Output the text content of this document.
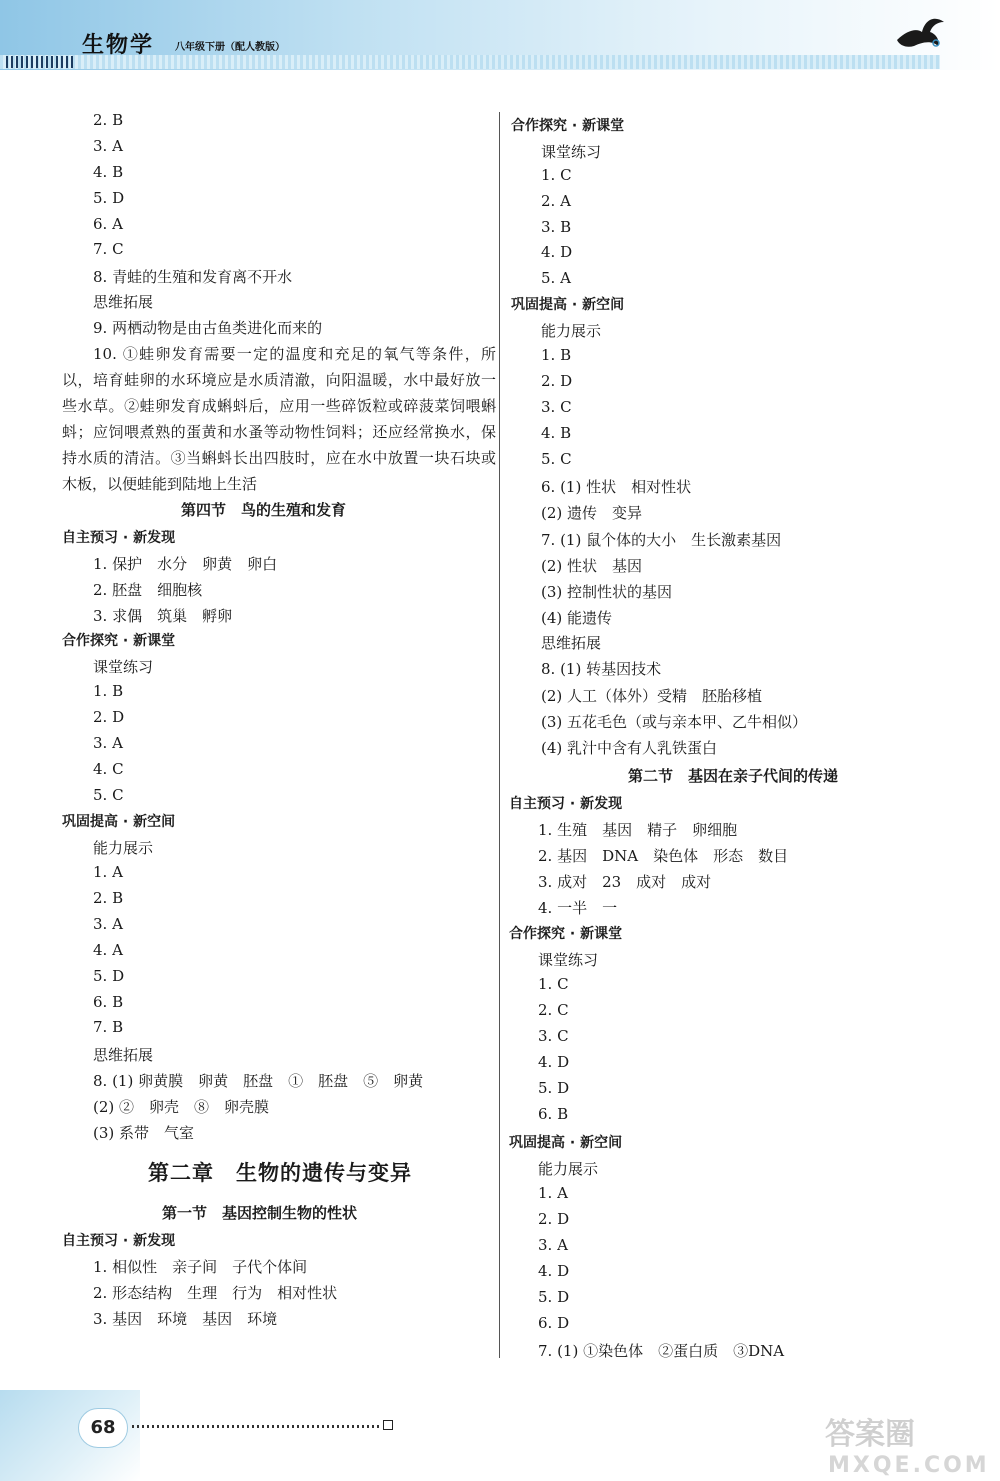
生物学 八年级下册（配人教版）
2. B
3. A
4. B
5. D
6. A
7. C
8. 青蛙的生殖和发育离不开水
思维拓展
9. 两栖动物是由古鱼类进化而来的
10. ①蛙卵发育需要一定的温度和充足的氧气等条件，所以，培育蛙卵的水环境应是水质清澈，向阳温暖，水中最好放一些水草。②蛙卵发育成蝌蚪后，应用一些碎饭粒或碎菠菜饲喂蝌蚪；应饲喂煮熟的蛋黄和水蚤等动物性饲料；还应经常换水，保持水质的清洁。③当蝌蚪长出四肢时，应在水中放置一块石块或木板，以便蛙能到陆地上生活
第四节　鸟的生殖和发育
自主预习 · 新发现
1. 保护　水分　卵黄　卵白
2. 胚盘　细胞核
3. 求偶　筑巢　孵卵
合作探究 · 新课堂
课堂练习
1. B
2. D
3. A
4. C
5. C
巩固提高 · 新空间
能力展示
1. A
2. B
3. A
4. A
5. D
6. B
7. B
思维拓展
8. (1) 卵黄膜　卵黄　胚盘　①　胚盘　⑤　卵黄
(2) ②　卵壳　⑧　卵壳膜
(3) 系带　气室
第二章　生物的遗传与变异
第一节　基因控制生物的性状
自主预习 · 新发现
1. 相似性　亲子间　子代个体间
2. 形态结构　生理　行为　相对性状
3. 基因　环境　基因　环境
合作探究 · 新课堂
课堂练习
1. C
2. A
3. B
4. D
5. A
巩固提高 · 新空间
能力展示
1. B
2. D
3. C
4. B
5. C
6. (1) 性状　相对性状
(2) 遗传　变异
7. (1) 鼠个体的大小　生长激素基因
(2) 性状　基因
(3) 控制性状的基因
(4) 能遗传
思维拓展
8. (1) 转基因技术
(2) 人工（体外）受精　胚胎移植
(3) 五花毛色（或与亲本甲、乙牛相似）
(4) 乳汁中含有人乳铁蛋白
第二节　基因在亲子代间的传递
自主预习 · 新发现
1. 生殖　基因　精子　卵细胞
2. 基因　DNA　染色体　形态　数目
3. 成对　23　成对　成对
4. 一半　一
合作探究 · 新课堂
课堂练习
1. C
2. C
3. C
4. D
5. D
6. B
巩固提高 · 新空间
能力展示
1. A
2. D
3. A
4. D
5. D
6. D
7. (1) ①染色体　②蛋白质　③DNA
68	答案圈
MXQE.COM
